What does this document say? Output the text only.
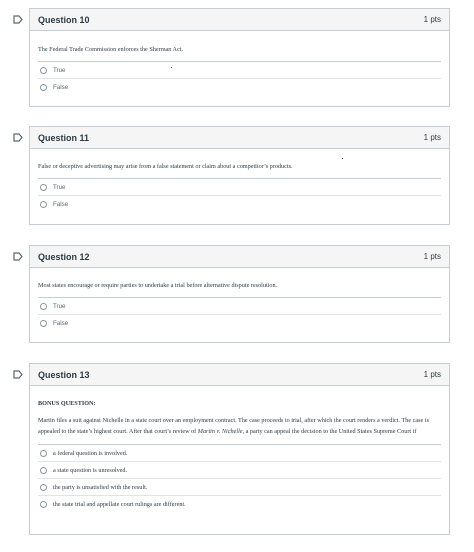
Question 10	1 pts
The Federal Trade Commission enforces the Sherman Act.
True
False
Question 11	1 pts
False or deceptive advertising may arise from a false statement or claim about a competitor’s products.
True
False
Question 12	1 pts
Most states encourage or require parties to undertake a trial before alternative dispute resolution.
True
False
Question 13	1 pts
BONUS QUESTION:
Martin files a suit against Nichelle in a state court over an employment contract. The case proceeds to trial, after which the court renders a verdict. The case is appealed to the state’s highest court. After that court’s review of Martin v. Nichelle, a party can appeal the decision to the United States Supreme Court if
a federal question is involved.
a state question is unresolved.
the party is unsatisfied with the result.
the state trial and appellate court rulings are different.
